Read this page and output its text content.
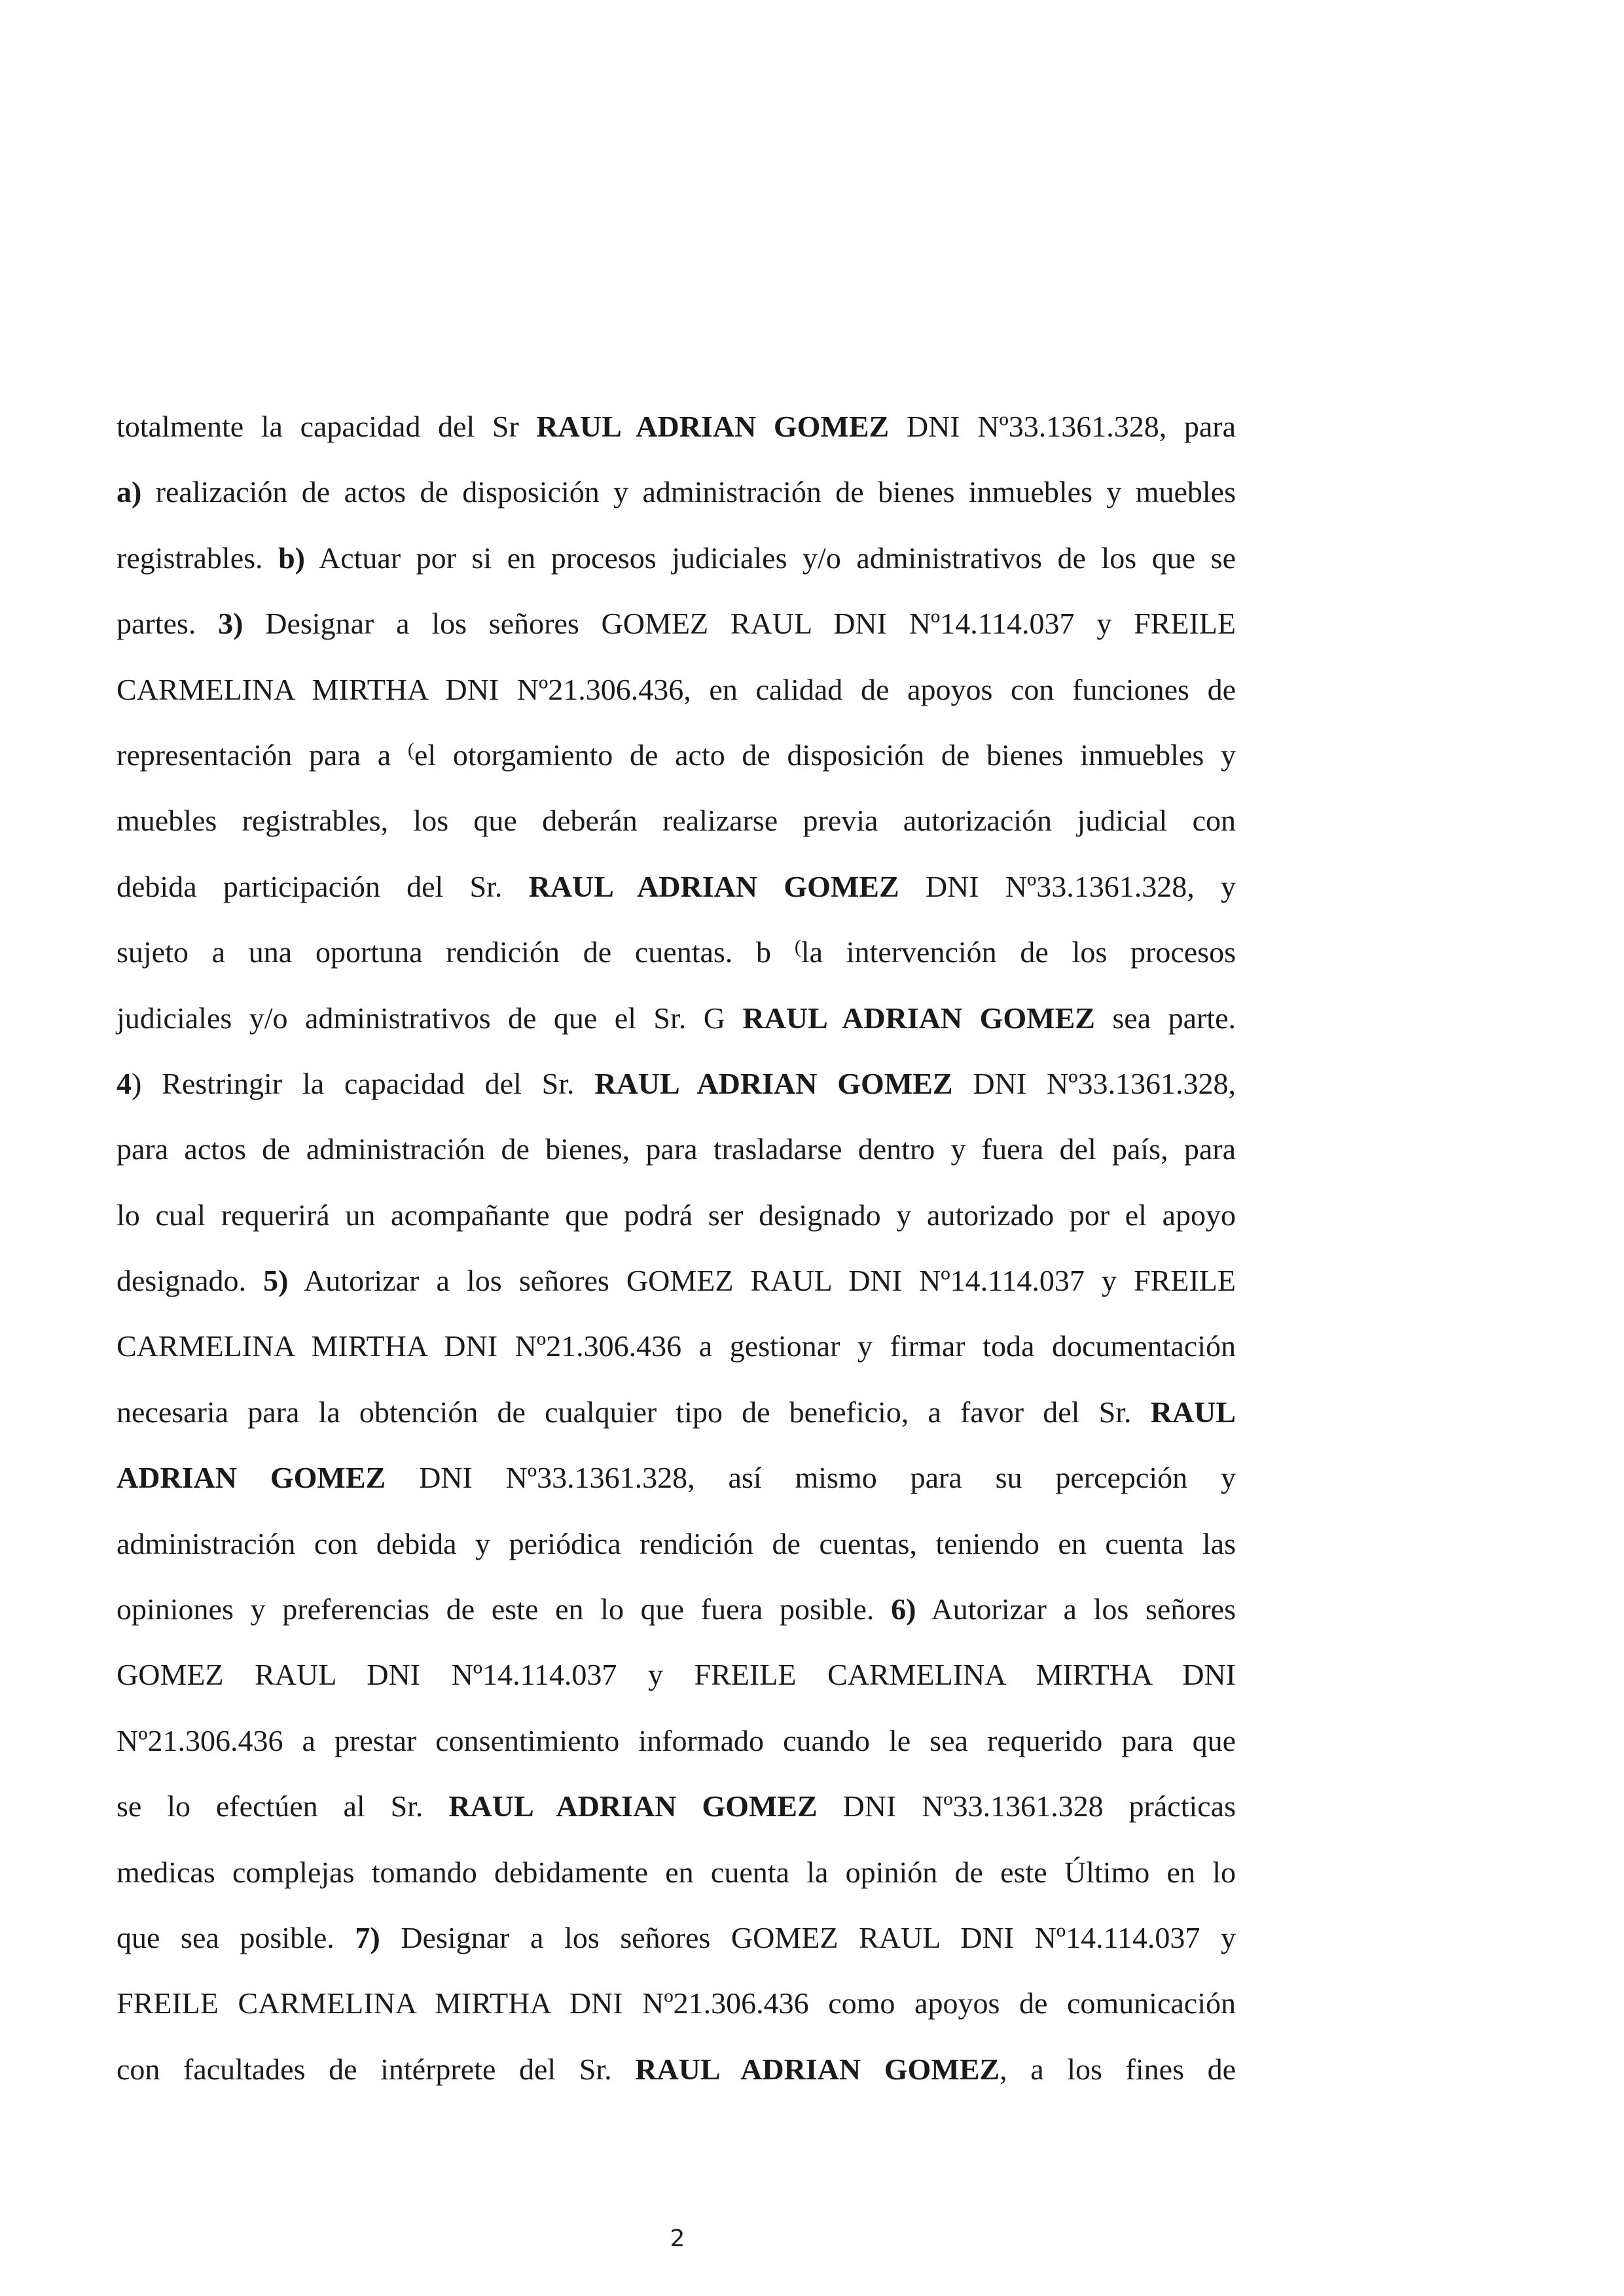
totalmente la capacidad del Sr RAUL ADRIAN GOMEZ DNI Nº33.1361.328, para
a) realización de actos de disposición y administración de bienes inmuebles y muebles
registrables. b) Actuar por si en procesos judiciales y/o administrativos de los que se
partes. 3) Designar a los señores GOMEZ RAUL DNI Nº14.114.037 y FREILE
CARMELINA MIRTHA DNI Nº21.306.436, en calidad de apoyos con funciones de
representación para a (el otorgamiento de acto de disposición de bienes inmuebles y
muebles registrables, los que deberán realizarse previa autorización judicial con
debida participación del Sr. RAUL ADRIAN GOMEZ DNI Nº33.1361.328, y
sujeto a una oportuna rendición de cuentas. b (la intervención de los procesos
judiciales y/o administrativos de que el Sr. G RAUL ADRIAN GOMEZ sea parte.
4) Restringir la capacidad del Sr. RAUL ADRIAN GOMEZ DNI Nº33.1361.328,
para actos de administración de bienes, para trasladarse dentro y fuera del país, para
lo cual requerirá un acompañante que podrá ser designado y autorizado por el apoyo
designado. 5) Autorizar a los señores GOMEZ RAUL DNI Nº14.114.037 y FREILE
CARMELINA MIRTHA DNI Nº21.306.436 a gestionar y firmar toda documentación
necesaria para la obtención de cualquier tipo de beneficio, a favor del Sr. RAUL
ADRIAN GOMEZ DNI Nº33.1361.328, así mismo para su percepción y
administración con debida y periódica rendición de cuentas, teniendo en cuenta las
opiniones y preferencias de este en lo que fuera posible. 6) Autorizar a los señores
GOMEZ RAUL DNI Nº14.114.037 y FREILE CARMELINA MIRTHA DNI
Nº21.306.436 a prestar consentimiento informado cuando le sea requerido para que
se lo efectúen al Sr. RAUL ADRIAN GOMEZ DNI Nº33.1361.328 prácticas
medicas complejas tomando debidamente en cuenta la opinión de este Último en lo
que sea posible. 7) Designar a los señores GOMEZ RAUL DNI Nº14.114.037 y
FREILE CARMELINA MIRTHA DNI Nº21.306.436 como apoyos de comunicación
con facultades de intérprete del Sr. RAUL ADRIAN GOMEZ, a los fines de
2
